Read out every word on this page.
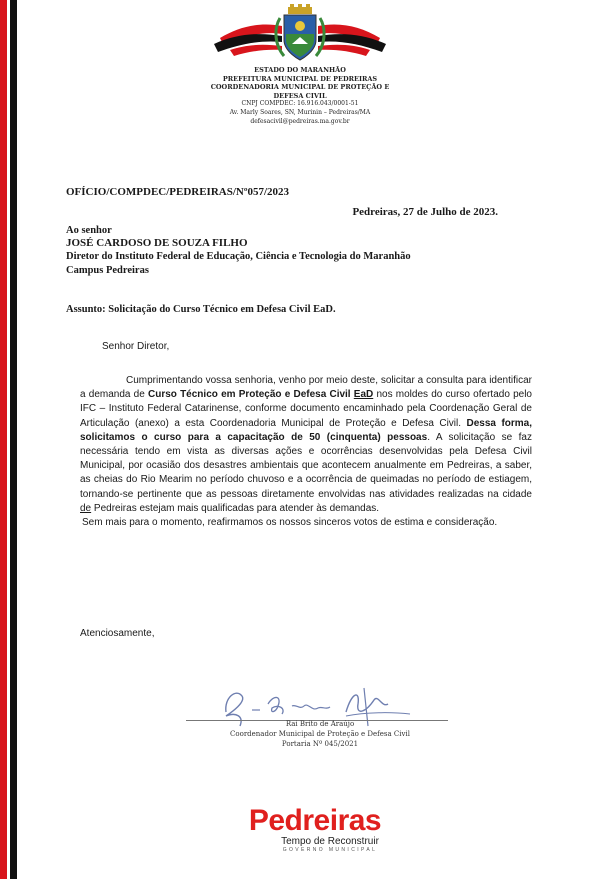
ESTADO DO MARANHÃO
PREFEITURA MUNICIPAL DE PEDREIRAS
COORDENADORIA MUNICIPAL DE PROTEÇÃO E
DEFESA CIVIL
CNPJ COMPDEC: 16.916.043/0001-51
Av. Marly Soares, SN, Murinin – Pedreiras/MA
defesacivil@pedreiras.ma.gov.br
OFÍCIO/COMPDEC/PEDREIRAS/Nº057/2023
Pedreiras, 27 de Julho de 2023.
Ao senhor
JOSÉ CARDOSO DE SOUZA FILHO
Diretor do Instituto Federal de Educação, Ciência e Tecnologia do Maranhão
Campus Pedreiras
Assunto: Solicitação do Curso Técnico em Defesa Civil EaD.
Senhor Diretor,

Cumprimentando vossa senhoria, venho por meio deste, solicitar a consulta para identificar a demanda de Curso Técnico em Proteção e Defesa Civil EaD nos moldes do curso ofertado pelo IFC – Instituto Federal Catarinense, conforme documento encaminhado pela Coordenação Geral de Articulação (anexo) a esta Coordenadoria Municipal de Proteção e Defesa Civil. Dessa forma, solicitamos o curso para a capacitação de 50 (cinquenta) pessoas. A solicitação se faz necessária tendo em vista as diversas ações e ocorrências desenvolvidas pela Defesa Civil Municipal, por ocasião dos desastres ambientais que acontecem anualmente em Pedreiras, a saber, as cheias do Rio Mearim no período chuvoso e a ocorrência de queimadas no período de estiagem, tornando-se pertinente que as pessoas diretamente envolvidas nas atividades realizadas na cidade de Pedreiras estejam mais qualificadas para atender às demandas.

Sem mais para o momento, reafirmamos os nossos sinceros votos de estima e consideração.

Atenciosamente,
Rai Brito de Araújo
Coordenador Municipal de Proteção e Defesa Civil
Portaria Nº 045/2021
Pedreiras
Tempo de Reconstruir
GOVERNO MUNICIPAL
